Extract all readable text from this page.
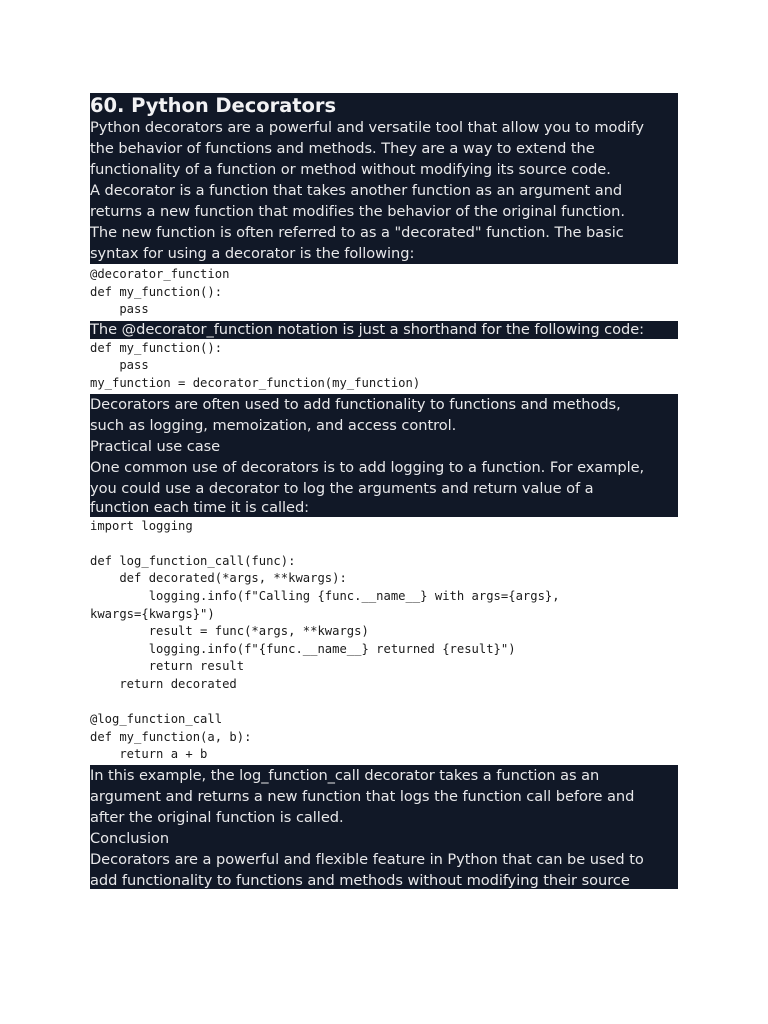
60. Python Decorators

Python decorators are a powerful and versatile tool that allow you to modify

the behavior of functions and methods. They are a way to extend the

functionality of a function or method without modifying its source code.

A decorator is a function that takes another function as an argument and

returns a new function that modifies the behavior of the original function.

The new function is often referred to as a "decorated" function. The basic

syntax for using a decorator is the following:

@decorator_function
def my_function():
pass

The @decorator_function notation is just a shorthand for the following code:

def my_function():
pass
my_function = decorator_function(my_function)

Decorators are often used to add functionality to functions and methods,

such as logging, memoization, and access control.

Practical use case

One common use of decorators is to add logging to a function. For example,

you could use a decorator to log the arguments and return value of a

function each time it is called:

import logging

def log_function_call(func):
def decorated(*args, **kwargs):
logging.info(f"Calling {func.__name__} with args={args},
kwargs={kwargs}")
result = func(*args, **kwargs)
logging.info(f"{func.__name__} returned {result}")
return result
return decorated

@log_function_call
def my_function(a, b):
return a + b

In this example, the log_function_call decorator takes a function as an

argument and returns a new function that logs the function call before and

after the original function is called.

Conclusion

Decorators are a powerful and flexible feature in Python that can be used to

add functionality to functions and methods without modifying their source
